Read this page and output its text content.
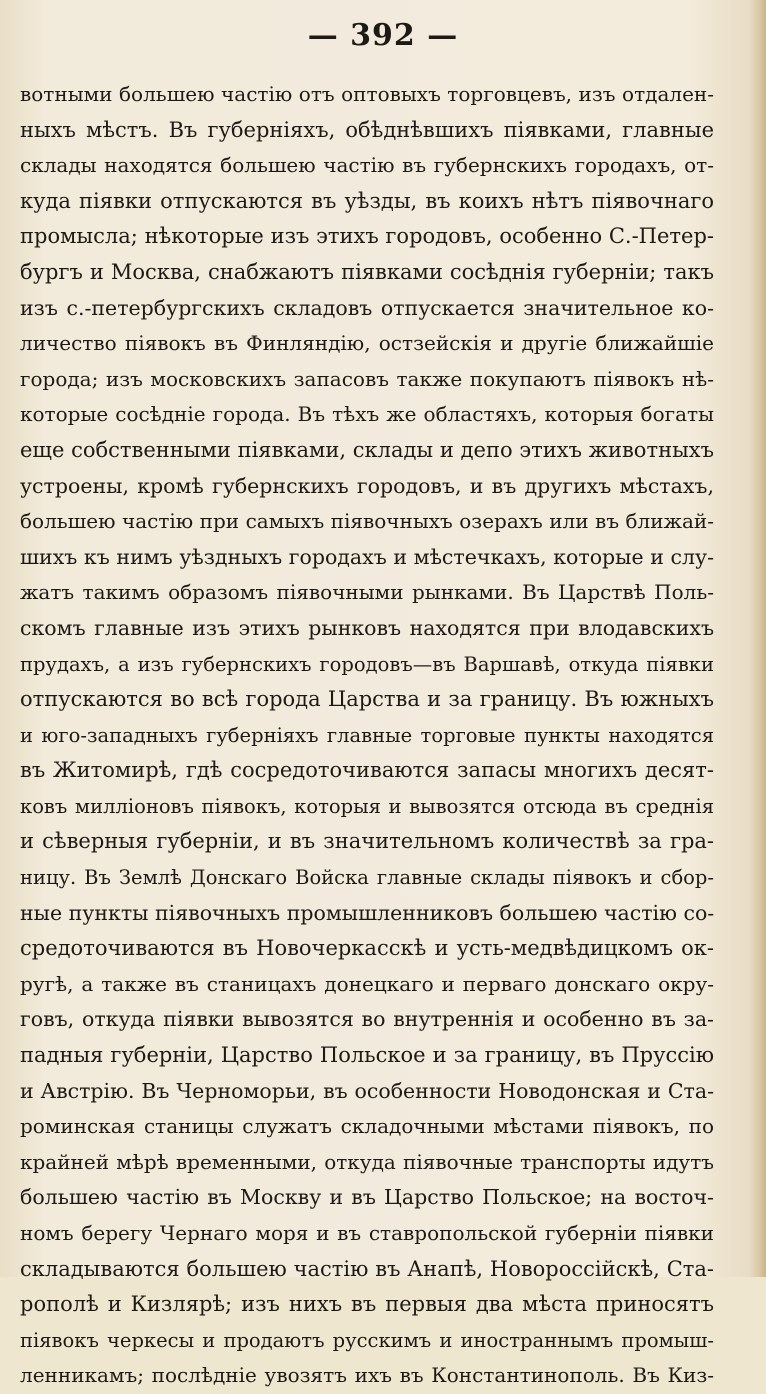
— 392 —
вотными большею частію отъ оптовыхъ торговцевъ, изъ отдален-
ныхъ мѣстъ. Въ губерніяхъ, обѣднѣвшихъ піявками, главные
склады находятся большею частію въ губернскихъ городахъ, от-
куда піявки отпускаются въ уѣзды, въ коихъ нѣтъ піявочнаго
промысла; нѣкоторые изъ этихъ городовъ, особенно С.-Петер-
бургъ и Москва, снабжаютъ піявками сосѣднія губерніи; такъ
изъ с.-петербургскихъ складовъ отпускается значительное ко-
личество піявокъ въ Финляндію, остзейскія и другіе ближайшіе
города; изъ московскихъ запасовъ также покупаютъ піявокъ нѣ-
которые сосѣдніе города. Въ тѣхъ же областяхъ, которыя богаты
еще собственными піявками, склады и депо этихъ животныхъ
устроены, кромѣ губернскихъ городовъ, и въ другихъ мѣстахъ,
большею частію при самыхъ піявочныхъ озерахъ или въ ближай-
шихъ къ нимъ уѣздныхъ городахъ и мѣстечкахъ, которые и слу-
жатъ такимъ образомъ піявочными рынками. Въ Царствѣ Поль-
скомъ главные изъ этихъ рынковъ находятся при влодавскихъ
прудахъ, а изъ губернскихъ городовъ—въ Варшавѣ, откуда піявки
отпускаются во всѣ города Царства и за границу. Въ южныхъ
и юго-западныхъ губерніяхъ главные торговые пункты находятся
въ Житомирѣ, гдѣ сосредоточиваются запасы многихъ десят-
ковъ милліоновъ піявокъ, которыя и вывозятся отсюда въ среднія
и сѣверныя губерніи, и въ значительномъ количествѣ за гра-
ницу. Въ Землѣ Донскаго Войска главные склады піявокъ и сбор-
ные пункты піявочныхъ промышленниковъ большею частію со-
средоточиваются въ Новочеркасскѣ и усть-медвѣдицкомъ ок-
ругѣ, а также въ станицахъ донецкаго и перваго донскаго окру-
говъ, откуда піявки вывозятся во внутреннія и особенно въ за-
падныя губерніи, Царство Польское и за границу, въ Пруссію
и Австрію. Въ Черноморьи, въ особенности Новодонская и Ста-
роминская станицы служатъ складочными мѣстами піявокъ, по
крайней мѣрѣ временными, откуда піявочные транспорты идутъ
большею частію въ Москву и въ Царство Польское; на восточ-
номъ берегу Чернаго моря и въ ставропольской губерніи піявки
складываются большею частію въ Анапѣ, Новороссійскѣ, Ста-
рополѣ и Кизлярѣ; изъ нихъ въ первыя два мѣста приносятъ
піявокъ черкесы и продаютъ русскимъ и иностраннымъ промыш-
ленникамъ; послѣдніе увозятъ ихъ въ Константинополь. Въ Киз-
